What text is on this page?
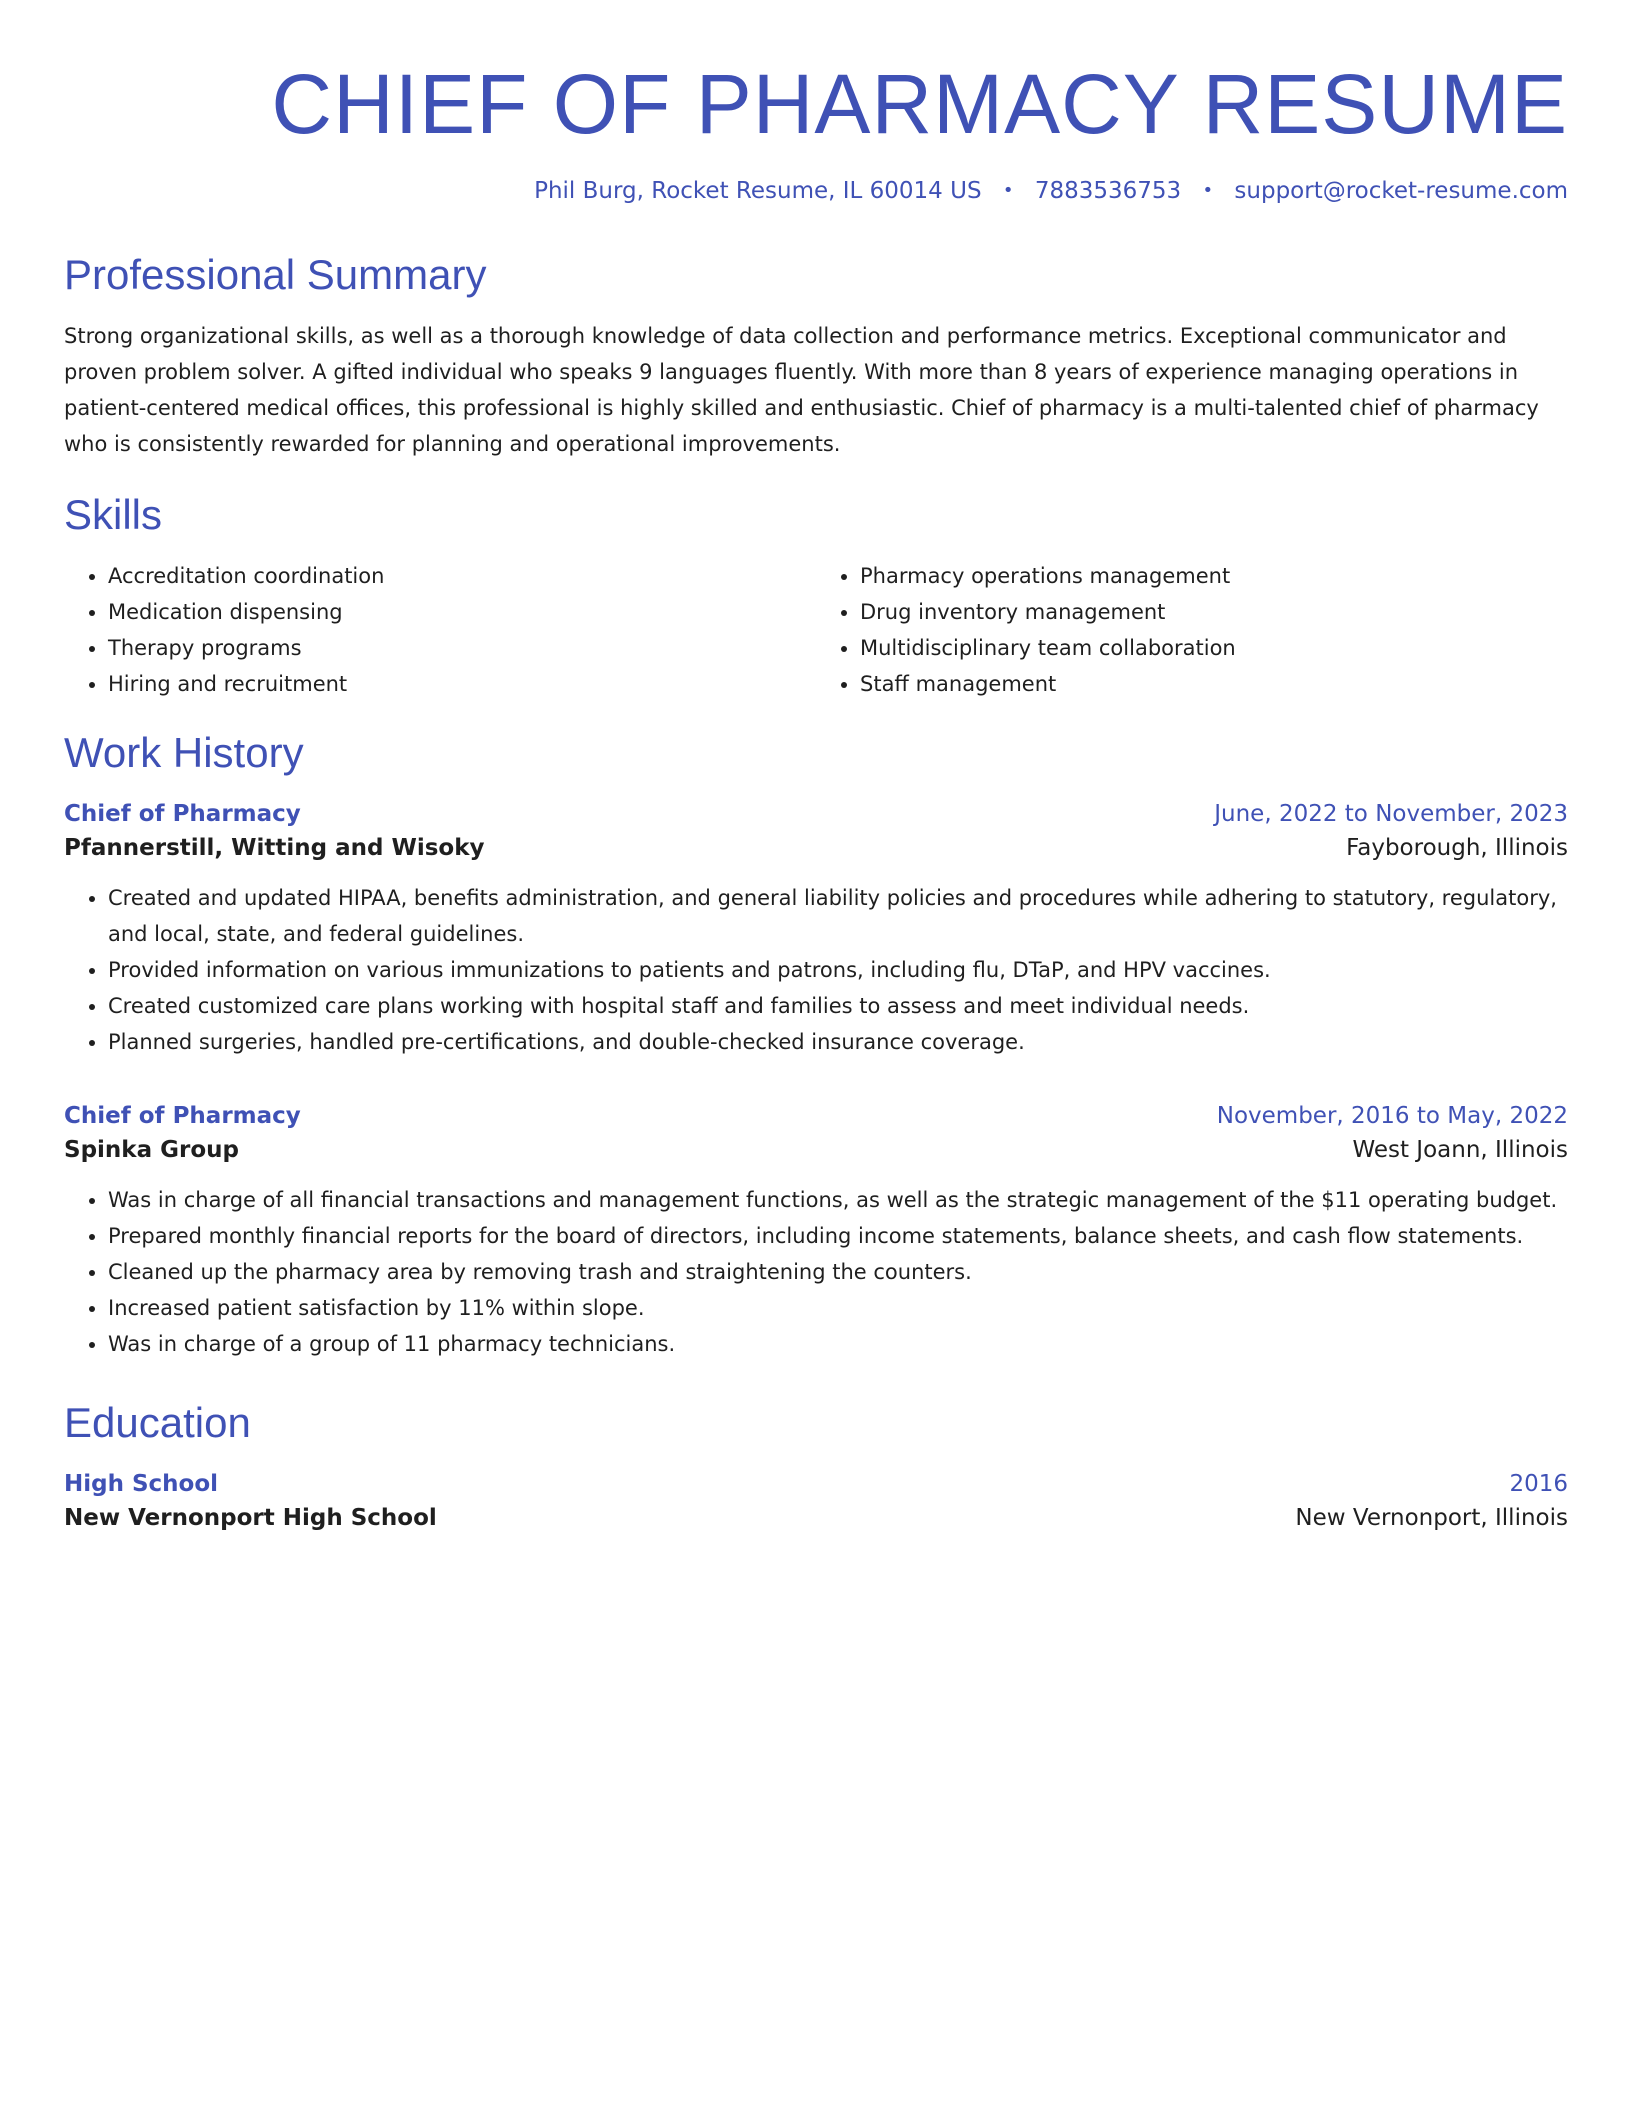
CHIEF OF PHARMACY RESUME
Phil Burg, Rocket Resume, IL 60014 US • 7883536753 • support@rocket-resume.com
Professional Summary
Strong organizational skills, as well as a thorough knowledge of data collection and performance metrics. Exceptional communicator and proven problem solver. A gifted individual who speaks 9 languages fluently. With more than 8 years of experience managing operations in patient-centered medical offices, this professional is highly skilled and enthusiastic. Chief of pharmacy is a multi-talented chief of pharmacy who is consistently rewarded for planning and operational improvements.
Skills
• Accreditation coordination
• Medication dispensing
• Therapy programs
• Hiring and recruitment
• Pharmacy operations management
• Drug inventory management
• Multidisciplinary team collaboration
• Staff management
Work History
Chief of Pharmacy	June, 2022 to November, 2023
Pfannerstill, Witting and Wisoky	Fayborough, Illinois
• Created and updated HIPAA, benefits administration, and general liability policies and procedures while adhering to statutory, regulatory, and local, state, and federal guidelines.
• Provided information on various immunizations to patients and patrons, including flu, DTaP, and HPV vaccines.
• Created customized care plans working with hospital staff and families to assess and meet individual needs.
• Planned surgeries, handled pre-certifications, and double-checked insurance coverage.
Chief of Pharmacy	November, 2016 to May, 2022
Spinka Group	West Joann, Illinois
• Was in charge of all financial transactions and management functions, as well as the strategic management of the $11 operating budget.
• Prepared monthly financial reports for the board of directors, including income statements, balance sheets, and cash flow statements.
• Cleaned up the pharmacy area by removing trash and straightening the counters.
• Increased patient satisfaction by 11% within slope.
• Was in charge of a group of 11 pharmacy technicians.
Education
High School	2016
New Vernonport High School	New Vernonport, Illinois
